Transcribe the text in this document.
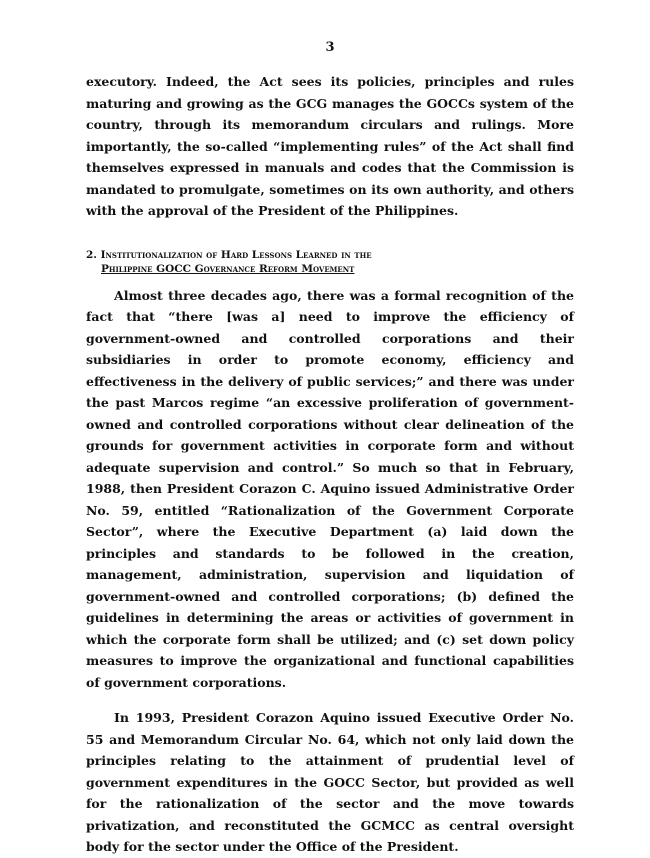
3

executory. Indeed, the Act sees its policies, principles and rules maturing and growing as the GCG manages the GOCCs system of the country, through its memorandum circulars and rulings. More importantly, the so-called “implementing rules” of the Act shall find themselves expressed in manuals and codes that the Commission is mandated to promulgate, sometimes on its own authority, and others with the approval of the President of the Philippines.

2. Institutionalization of Hard Lessons Learned in the
Philippine GOCC Governance Reform Movement

Almost three decades ago, there was a formal recognition of the fact that “there [was a] need to improve the efficiency of government-owned and controlled corporations and their subsidiaries in order to promote economy, efficiency and effectiveness in the delivery of public services;” and there was under the past Marcos regime “an excessive proliferation of government-owned and controlled corporations without clear delineation of the grounds for government activities in corporate form and without adequate supervision and control.” So much so that in February, 1988, then President Corazon C. Aquino issued Administrative Order No. 59, entitled “Rationalization of the Government Corporate Sector”, where the Executive Department (a) laid down the principles and standards to be followed in the creation, management, administration, supervision and liquidation of government-owned and controlled corporations; (b) defined the guidelines in determining the areas or activities of government in which the corporate form shall be utilized; and (c) set down policy measures to improve the organizational and functional capabilities of government corporations.

In 1993, President Corazon Aquino issued Executive Order No. 55 and Memorandum Circular No. 64, which not only laid down the principles relating to the attainment of prudential level of government expenditures in the GOCC Sector, but provided as well for the rationalization of the sector and the move towards privatization, and reconstituted the GCMCC as central oversight body for the sector under the Office of the President.
